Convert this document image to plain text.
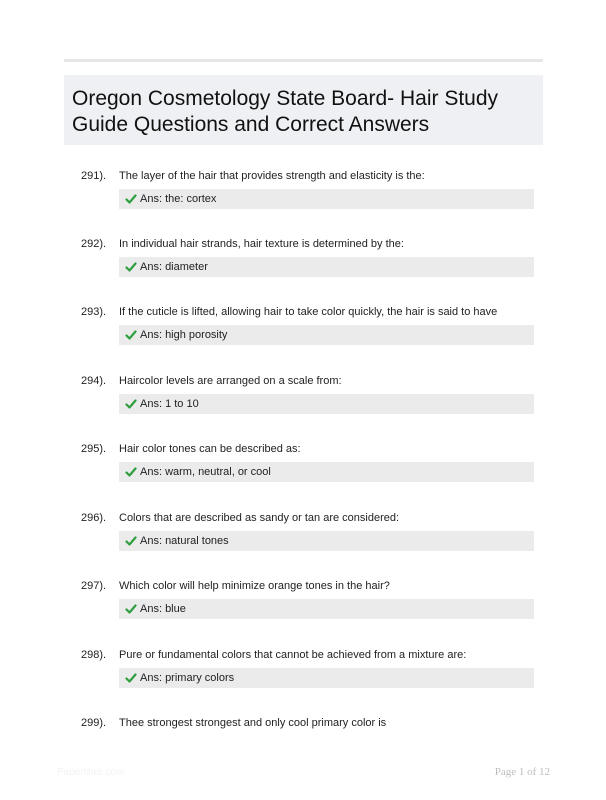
Oregon Cosmetology State Board- Hair Study
Guide Questions and Correct Answers
291). The layer of the hair that provides strength and elasticity is the:
Ans: the: cortex
292). In individual hair strands, hair texture is determined by the:
Ans: diameter
293). If the cuticle is lifted, allowing hair to take color quickly, the hair is said to have
Ans: high porosity
294). Haircolor levels are arranged on a scale from:
Ans: 1 to 10
295). Hair color tones can be described as:
Ans: warm, neutral, or cool
296). Colors that are described as sandy or tan are considered:
Ans: natural tones
297). Which color will help minimize orange tones in the hair?
Ans: blue
298). Pure or fundamental colors that cannot be achieved from a mixture are:
Ans: primary colors
299). Thee strongest strongest and only cool primary color is
Paperlibre.com	Page 1 of 12
